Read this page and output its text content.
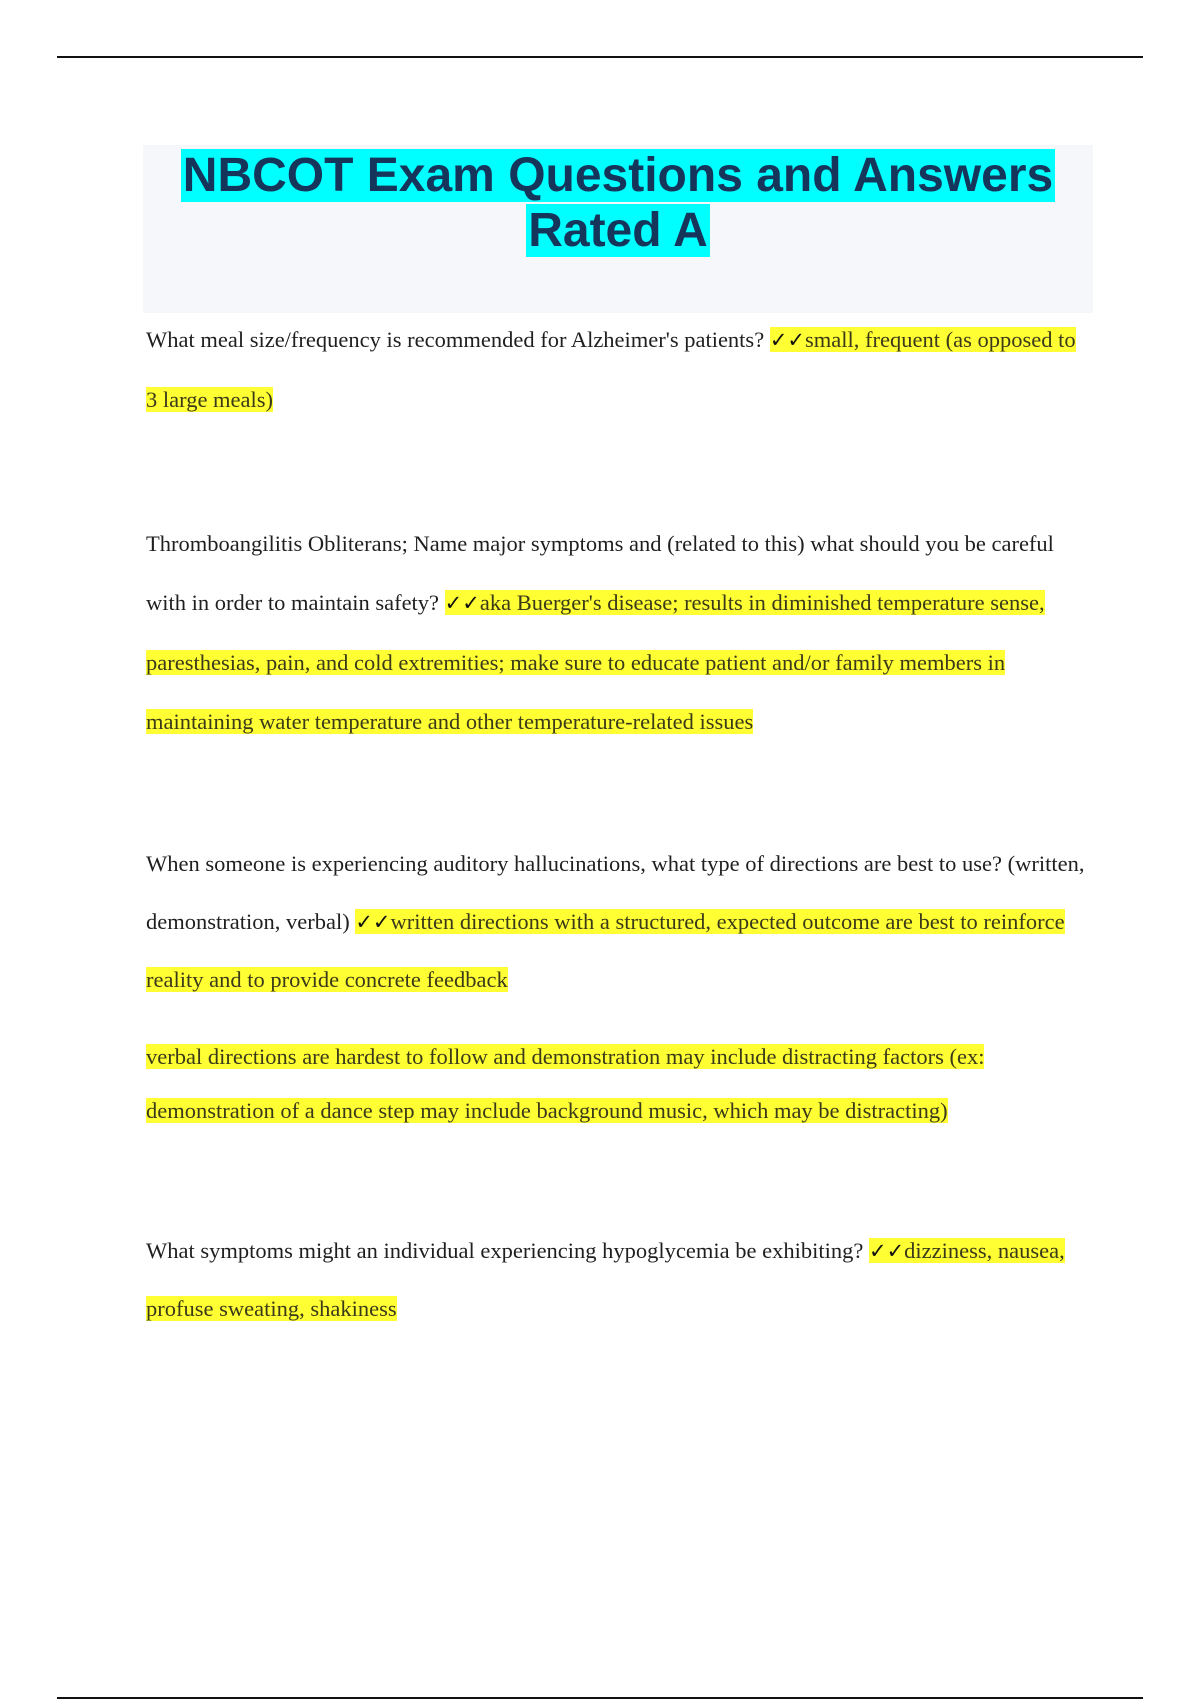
NBCOT Exam Questions and Answers
Rated A

What meal size/frequency is recommended for Alzheimer's patients? ✓✓small, frequent (as opposed to 3 large meals)

Thromboangilitis Obliterans; Name major symptoms and (related to this) what should you be careful with in order to maintain safety? ✓✓aka Buerger's disease; results in diminished temperature sense, paresthesias, pain, and cold extremities; make sure to educate patient and/or family members in maintaining water temperature and other temperature-related issues

When someone is experiencing auditory hallucinations, what type of directions are best to use? (written, demonstration, verbal) ✓✓written directions with a structured, expected outcome are best to reinforce reality and to provide concrete feedback

verbal directions are hardest to follow and demonstration may include distracting factors (ex: demonstration of a dance step may include background music, which may be distracting)

What symptoms might an individual experiencing hypoglycemia be exhibiting? ✓✓dizziness, nausea, profuse sweating, shakiness
